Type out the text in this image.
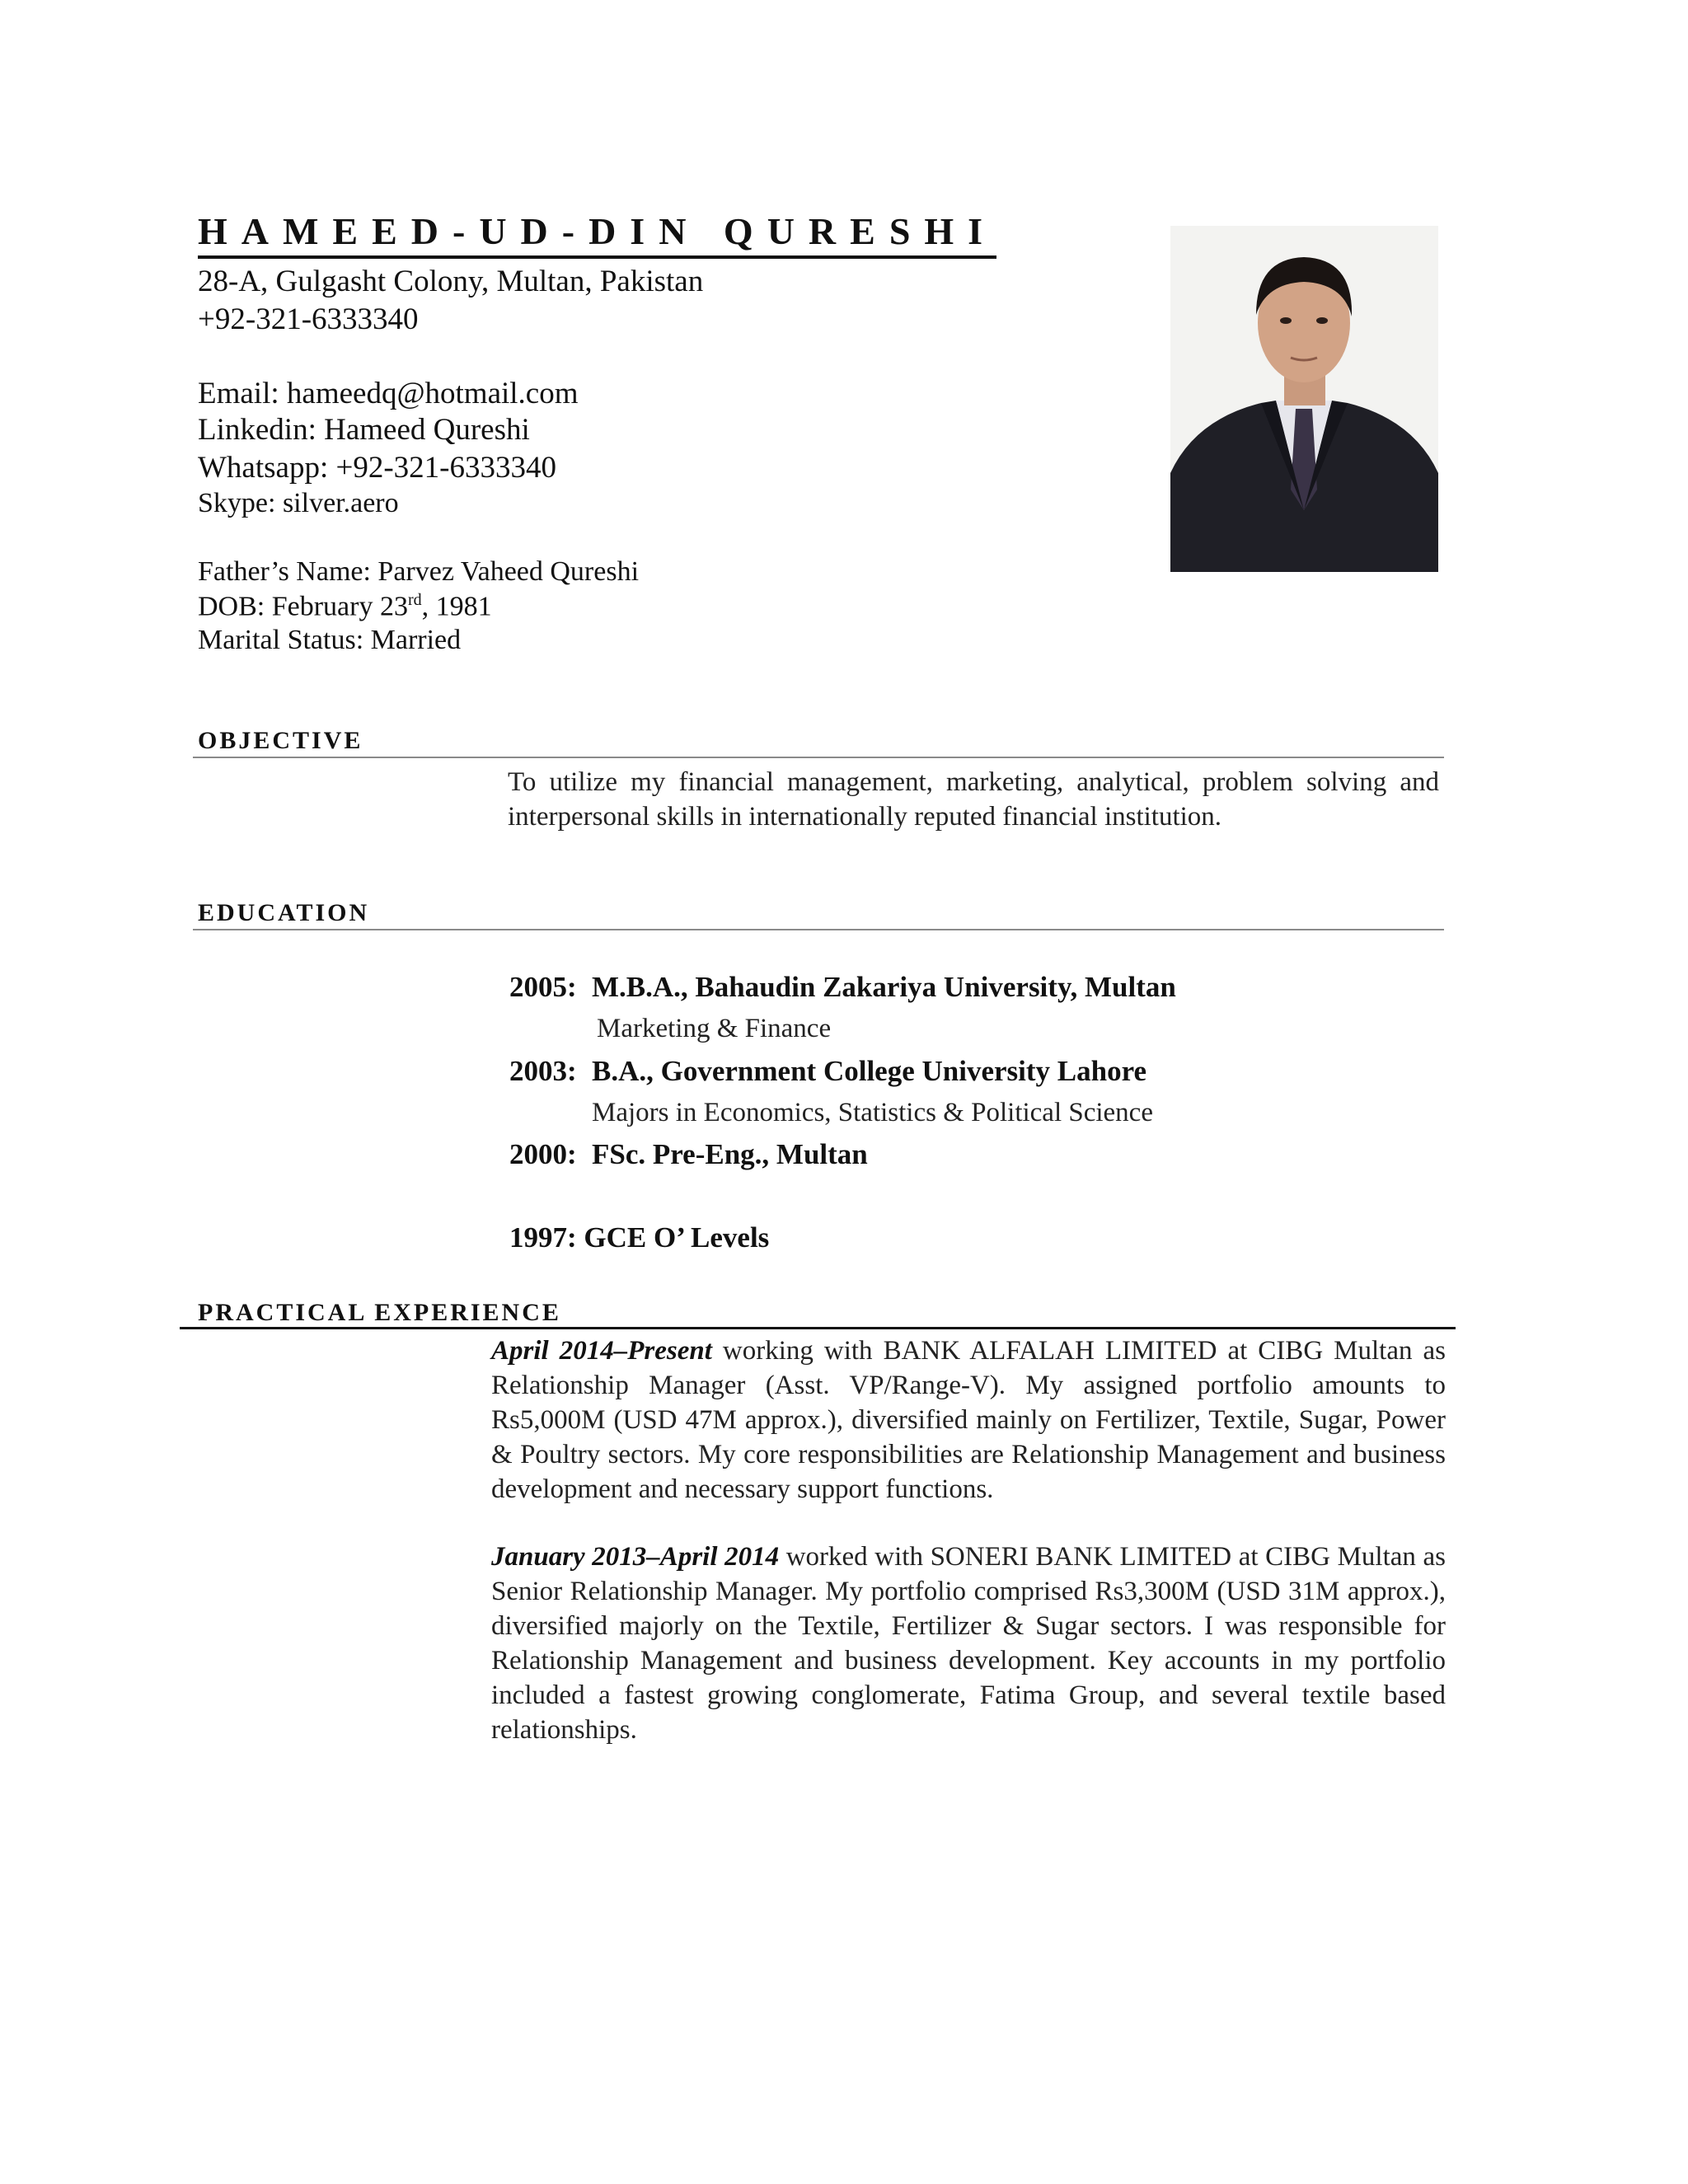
HAMEED-UD-DIN QURESHI
28-A, Gulgasht Colony, Multan, Pakistan
+92-321-6333340
Email: hameedq@hotmail.com
Linkedin: Hameed Qureshi
Whatsapp: +92-321-6333340
Skype: silver.aero
Father’s Name: Parvez Vaheed Qureshi
DOB: February 23rd, 1981
Marital Status: Married
OBJECTIVE
To utilize my financial management, marketing, analytical, problem solving and interpersonal skills in internationally reputed financial institution.
EDUCATION
2005: M.B.A., Bahaudin Zakariya University, Multan
Marketing & Finance
2003: B.A., Government College University Lahore
Majors in Economics, Statistics & Political Science
2000: FSc. Pre-Eng., Multan
1997: GCE O’ Levels
PRACTICAL EXPERIENCE
April 2014–Present working with BANK ALFALAH LIMITED at CIBG Multan as Relationship Manager (Asst. VP/Range-V). My assigned portfolio amounts to Rs5,000M (USD 47M approx.), diversified mainly on Fertilizer, Textile, Sugar, Power & Poultry sectors. My core responsibilities are Relationship Management and business development and necessary support functions.
January 2013–April 2014 worked with SONERI BANK LIMITED at CIBG Multan as Senior Relationship Manager. My portfolio comprised Rs3,300M (USD 31M approx.), diversified majorly on the Textile, Fertilizer & Sugar sectors. I was responsible for Relationship Management and business development. Key accounts in my portfolio included a fastest growing conglomerate, Fatima Group, and several textile based relationships.
